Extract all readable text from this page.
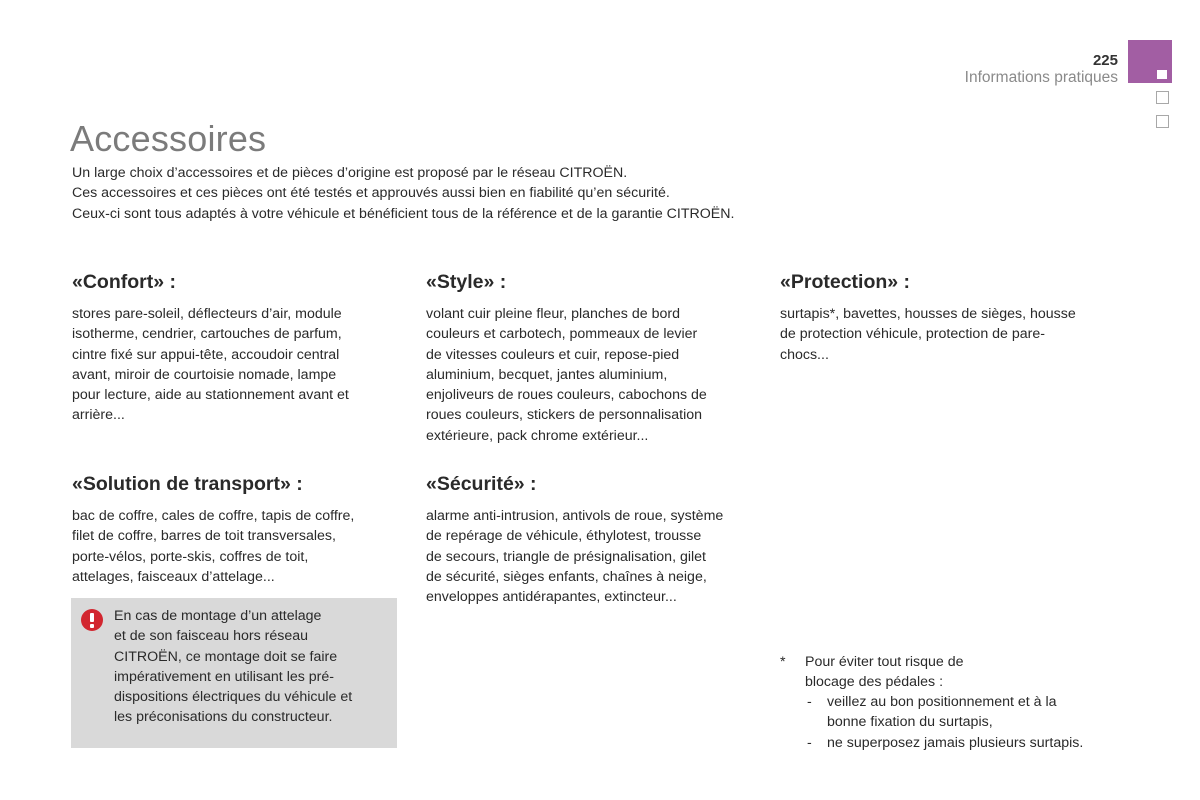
225
Informations pratiques
Accessoires
Un large choix d’accessoires et de pièces d’origine est proposé par le réseau CITROËN.
Ces accessoires et ces pièces ont été testés et approuvés aussi bien en fiabilité qu’en sécurité.
Ceux-ci sont tous adaptés à votre véhicule et bénéficient tous de la référence et de la garantie CITROËN.
«Confort» :

stores pare-soleil, déflecteurs d’air, module
isotherme, cendrier, cartouches de parfum,
cintre fixé sur appui-tête, accoudoir central
avant, miroir de courtoisie nomade, lampe
pour lecture, aide au stationnement avant et
arrière...

«Style» :

volant cuir pleine fleur, planches de bord
couleurs et carbotech, pommeaux de levier
de vitesses couleurs et cuir, repose-pied
aluminium, becquet, jantes aluminium,
enjoliveurs de roues couleurs, cabochons de
roues couleurs, stickers de personnalisation
extérieure, pack chrome extérieur...

«Protection» :

surtapis*, bavettes, housses de sièges, housse
de protection véhicule, protection de pare-
chocs...

«Solution de transport» :

bac de coffre, cales de coffre, tapis de coffre,
filet de coffre, barres de toit transversales,
porte-vélos, porte-skis, coffres de toit,
attelages, faisceaux d’attelage...

«Sécurité» :

alarme anti-intrusion, antivols de roue, système
de repérage de véhicule, éthylotest, trousse
de secours, triangle de présignalisation, gilet
de sécurité, sièges enfants, chaînes à neige,
enveloppes antidérapantes, extincteur...

En cas de montage d’un attelage
et de son faisceau hors réseau
CITROËN, ce montage doit se faire
impérativement en utilisant les pré-
dispositions électriques du véhicule et
les préconisations du constructeur.
* Pour éviter tout risque de
blocage des pédales :
- veillez au bon positionnement et à la
bonne fixation du surtapis,
- ne superposez jamais plusieurs surtapis.
